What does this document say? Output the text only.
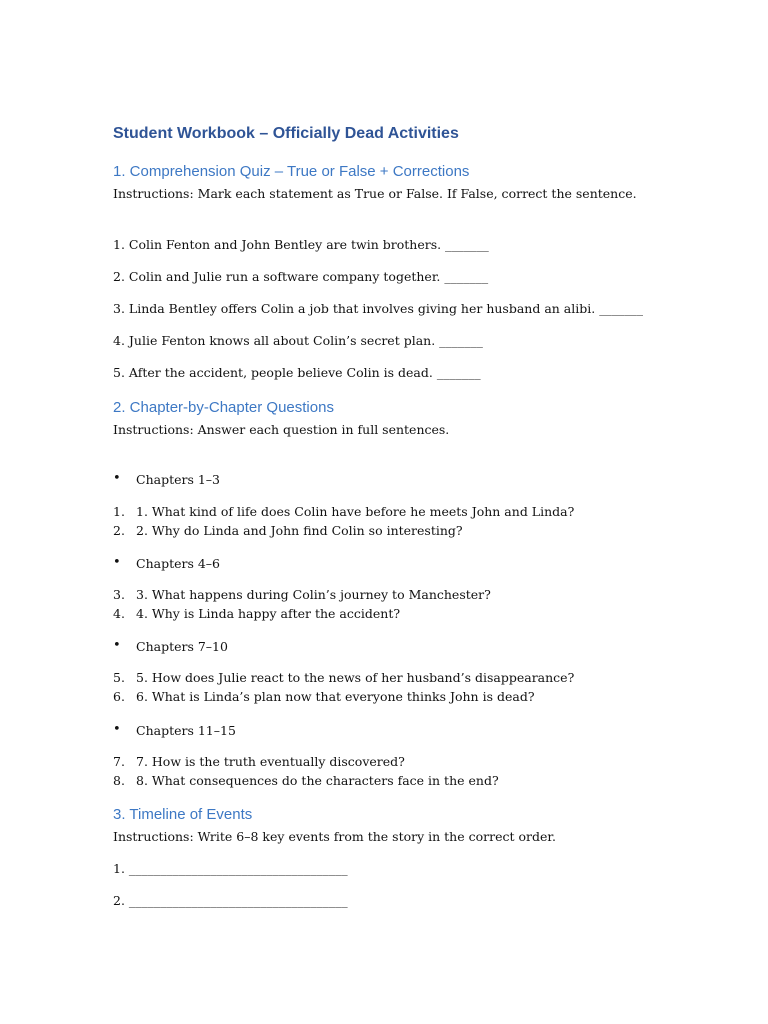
Student Workbook – Officially Dead Activities
1. Comprehension Quiz – True or False + Corrections
Instructions: Mark each statement as True or False. If False, correct the sentence.
1. Colin Fenton and John Bentley are twin brothers. _______
2. Colin and Julie run a software company together. _______
3. Linda Bentley offers Colin a job that involves giving her husband an alibi. _______
4. Julie Fenton knows all about Colin’s secret plan. _______
5. After the accident, people believe Colin is dead. _______
2. Chapter-by-Chapter Questions
Instructions: Answer each question in full sentences.
• Chapters 1–3
1. 1. What kind of life does Colin have before he meets John and Linda?
2. 2. Why do Linda and John find Colin so interesting?
• Chapters 4–6
3. 3. What happens during Colin’s journey to Manchester?
4. 4. Why is Linda happy after the accident?
• Chapters 7–10
5. 5. How does Julie react to the news of her husband’s disappearance?
6. 6. What is Linda’s plan now that everyone thinks John is dead?
• Chapters 11–15
7. 7. How is the truth eventually discovered?
8. 8. What consequences do the characters face in the end?
3. Timeline of Events
Instructions: Write 6–8 key events from the story in the correct order.
1. ___________________________________
2. ___________________________________
